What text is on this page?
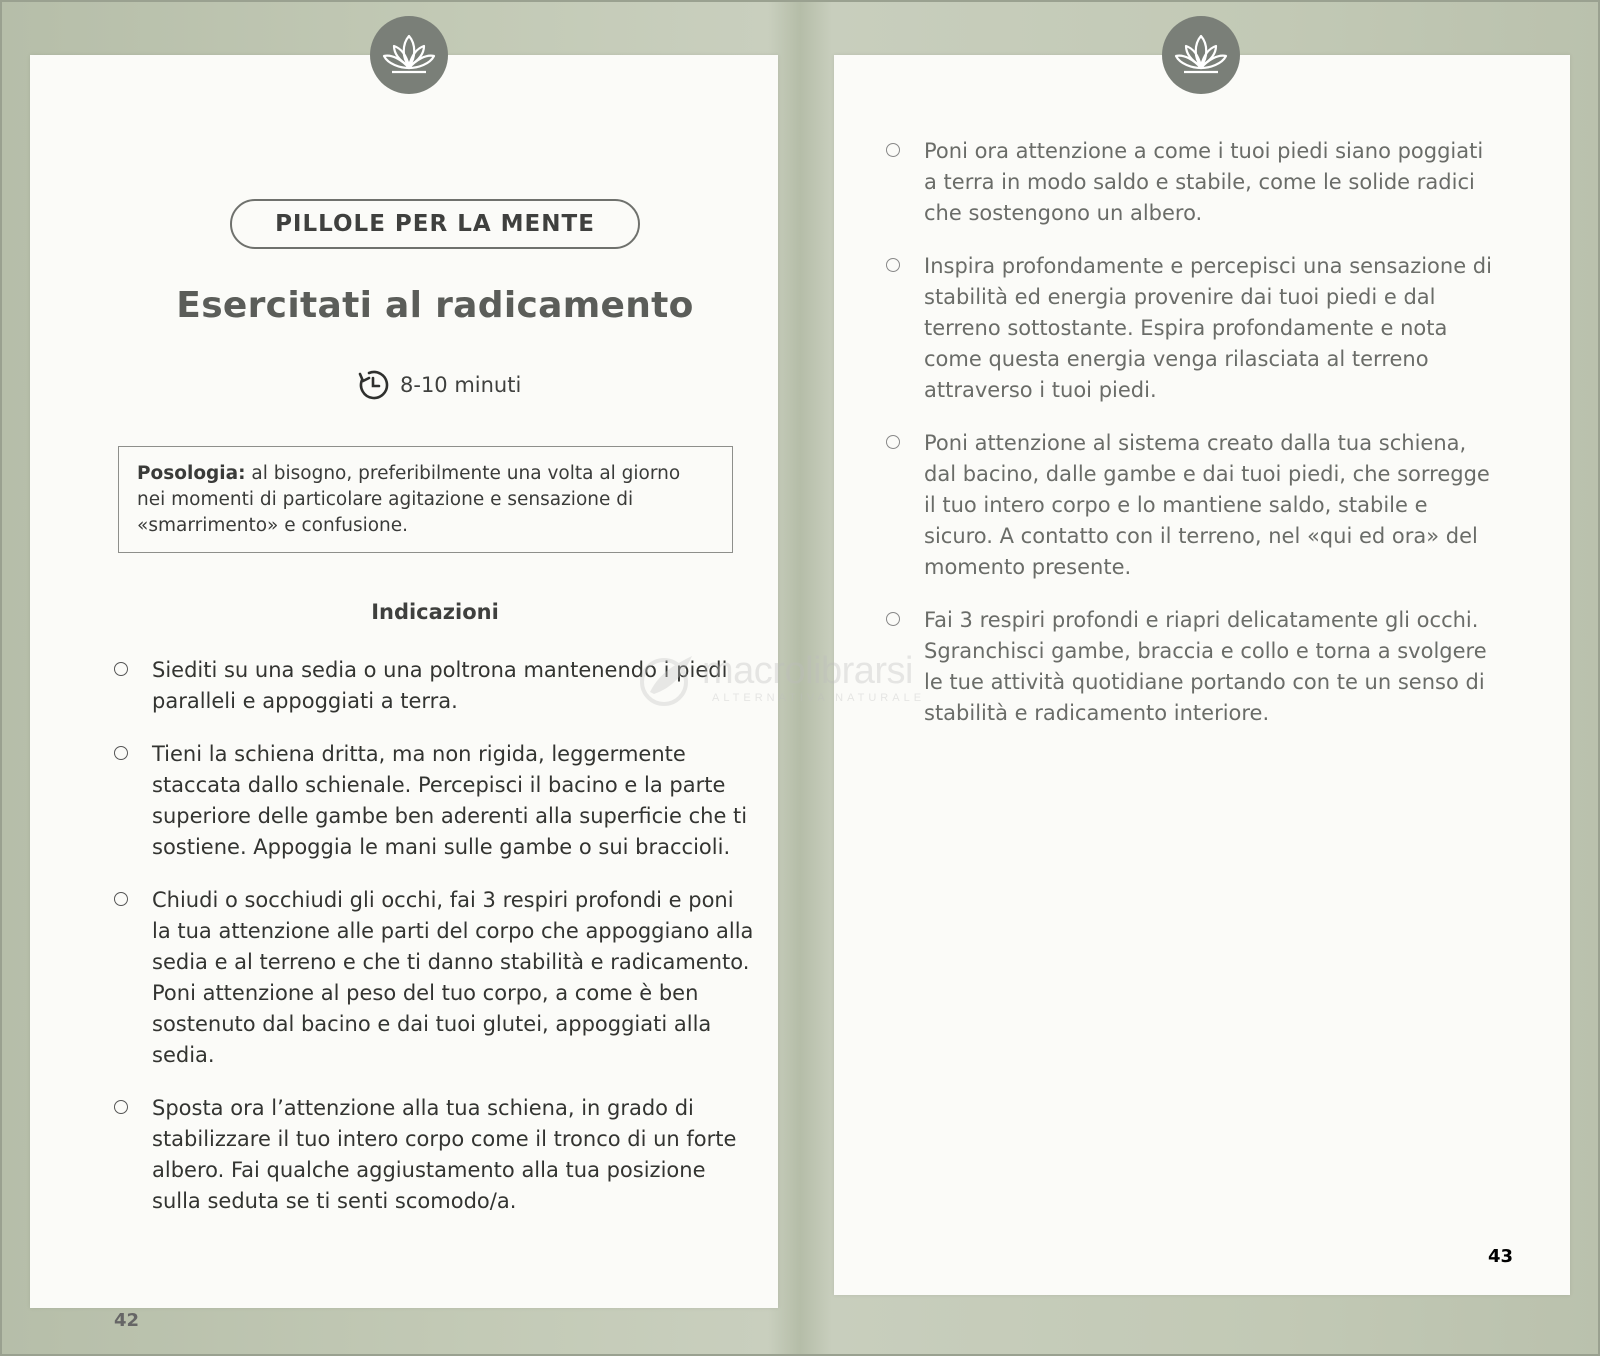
PILLOLE PER LA MENTE
Esercitati al radicamento
8-10 minuti
Posologia: al bisogno, preferibilmente una volta al giorno nei momenti di particolare agitazione e sensazione di «smarrimento» e confusione.
Indicazioni
Siediti su una sedia o una poltrona mantenendo i piedi paralleli e appoggiati a terra.
Tieni la schiena dritta, ma non rigida, leggermente staccata dallo schienale. Percepisci il bacino e la parte superiore delle gambe ben aderenti alla superficie che ti sostiene. Appoggia le mani sulle gambe o sui braccioli.
Chiudi o socchiudi gli occhi, fai 3 respiri profondi e poni la tua attenzione alle parti del corpo che appoggiano alla sedia e al terreno e che ti danno stabilità e radicamento. Poni attenzione al peso del tuo corpo, a come è ben sostenuto dal bacino e dai tuoi glutei, appoggiati alla sedia.
Sposta ora l’attenzione alla tua schiena, in grado di stabilizzare il tuo intero corpo come il tronco di un forte albero. Fai qualche aggiustamento alla tua posizione sulla seduta se ti senti scomodo/a.
42
Poni ora attenzione a come i tuoi piedi siano poggiati a terra in modo saldo e stabile, come le solide radici che sostengono un albero.
Inspira profondamente e percepisci una sensazione di stabilità ed energia provenire dai tuoi piedi e dal terreno sottostante. Espira profondamente e nota come questa energia venga rilasciata al terreno attraverso i tuoi piedi.
Poni attenzione al sistema creato dalla tua schiena, dal bacino, dalle gambe e dai tuoi piedi, che sorregge il tuo intero corpo e lo mantiene saldo, stabile e sicuro. A contatto con il terreno, nel «qui ed ora» del momento presente.
Fai 3 respiri profondi e riapri delicatamente gli occhi. Sgranchisci gambe, braccia e collo e torna a svolgere le tue attività quotidiane portando con te un senso di stabilità e radicamento interiore.
43
macrolibrarsi
ALTERNATIVA NATURALE
